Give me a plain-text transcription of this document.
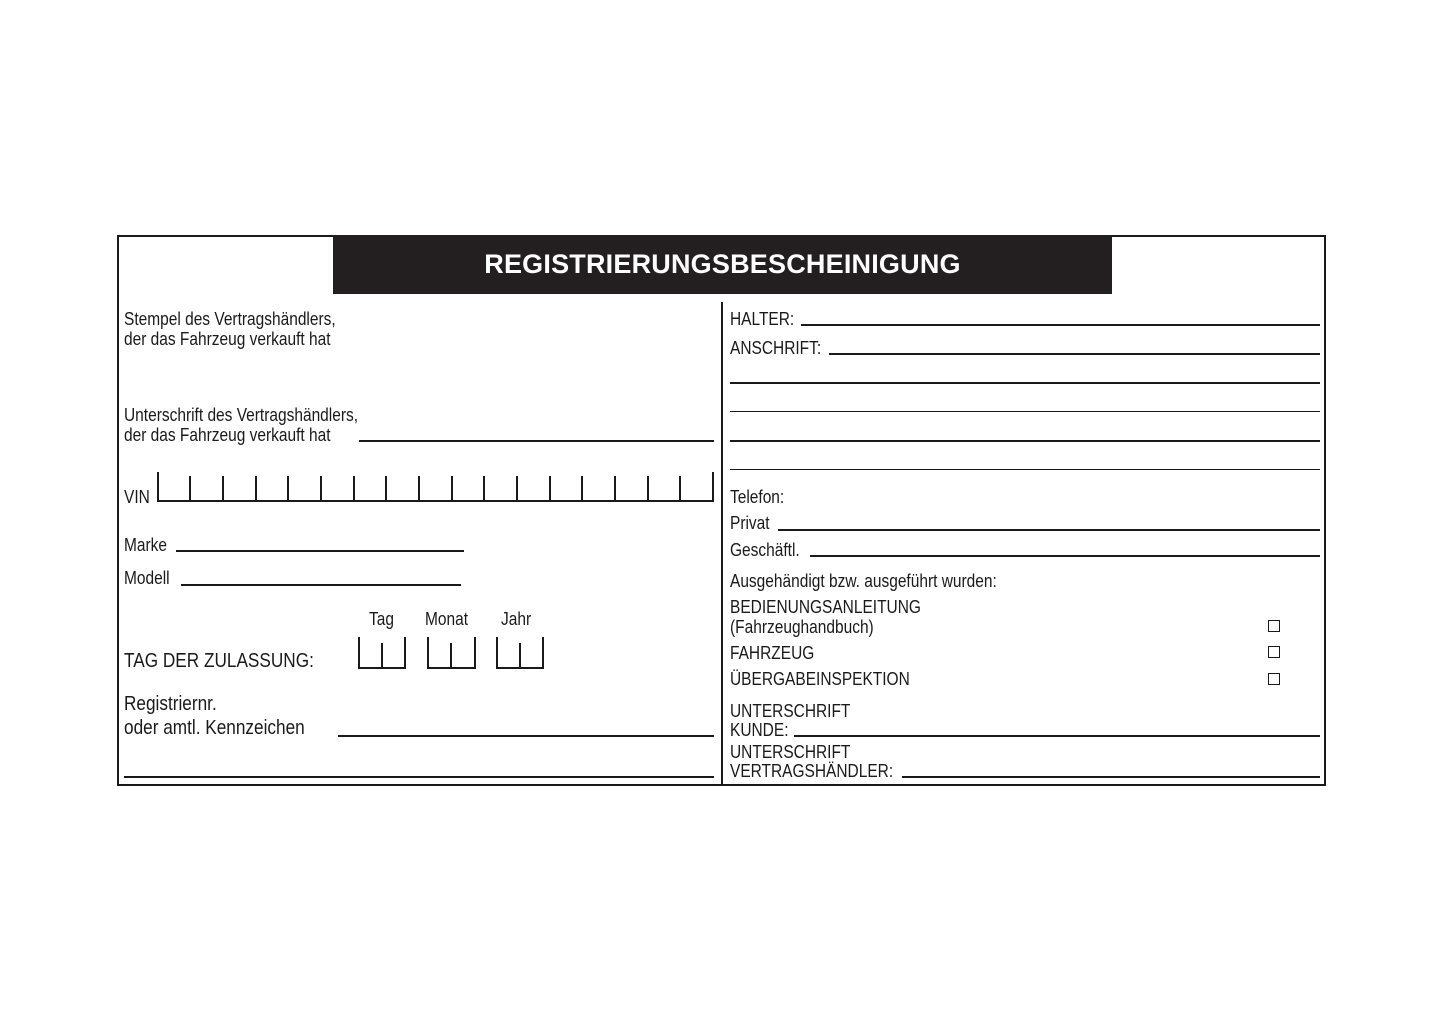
REGISTRIERUNGSBESCHEINIGUNG
Stempel des Vertragshändlers,
der das Fahrzeug verkauft hat
Unterschrift des Vertragshändlers,
der das Fahrzeug verkauft hat
VIN
Marke
Modell
Tag Monat Jahr
TAG DER ZULASSUNG:
Registriernr.
oder amtl. Kennzeichen
HALTER:
ANSCHRIFT:
Telefon:
Privat
Geschäftl.
Ausgehändigt bzw. ausgeführt wurden:
BEDIENUNGSANLEITUNG
(Fahrzeughandbuch)
FAHRZEUG
ÜBERGABEINSPEKTION
UNTERSCHRIFT
KUNDE:
UNTERSCHRIFT
VERTRAGSHÄNDLER:
